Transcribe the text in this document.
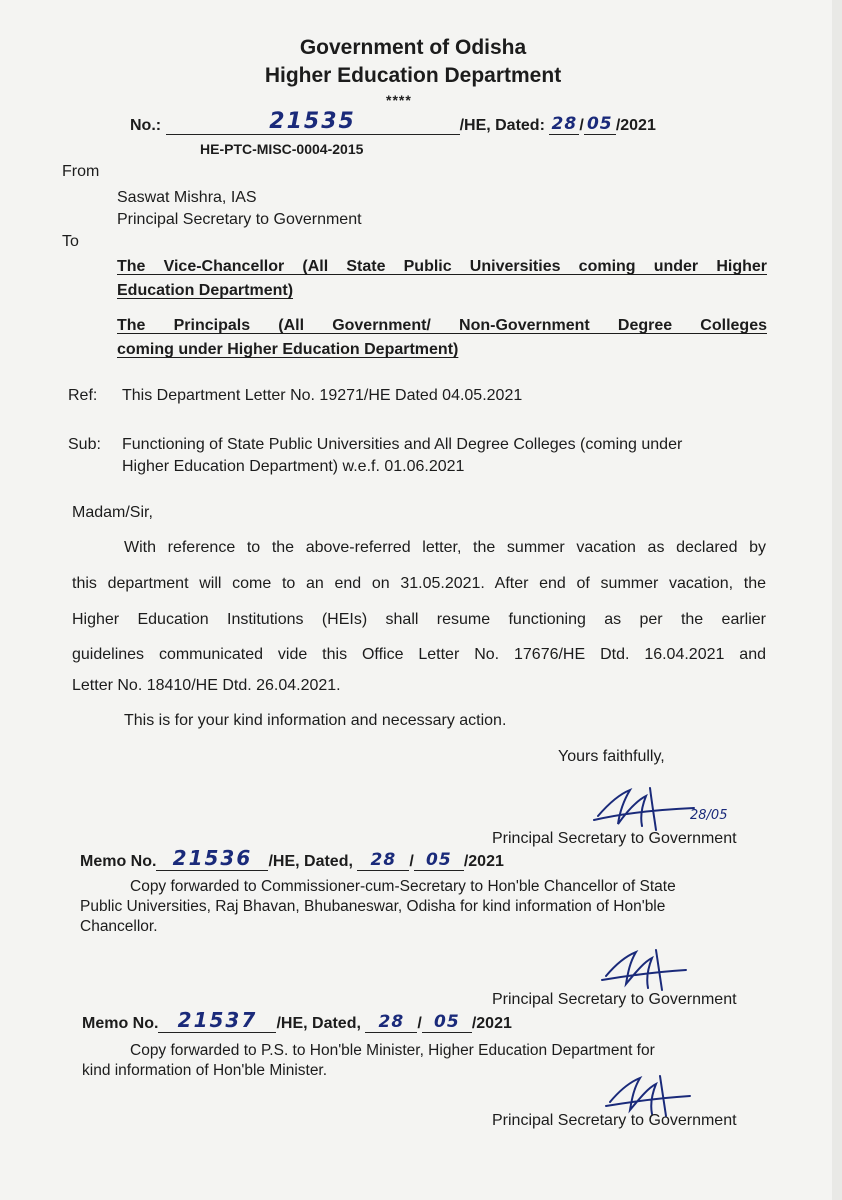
Government of Odisha
Higher Education Department
****
No.:	21535	/HE, Dated: 28 / 05 /2021
HE-PTC-MISC-0004-2015
From
Saswat Mishra, IAS
Principal Secretary to Government
To
The Vice-Chancellor (All State Public Universities coming under Higher
Education Department)
The Principals (All Government/ Non-Government Degree Colleges
coming under Higher Education Department)
Ref: This Department Letter No. 19271/HE Dated 04.05.2021
Sub: Functioning of State Public Universities and All Degree Colleges (coming under
Higher Education Department) w.e.f. 01.06.2021
Madam/Sir,
With reference to the above-referred letter, the summer vacation as declared by
this department will come to an end on 31.05.2021. After end of summer vacation, the
Higher Education Institutions (HEIs) shall resume functioning as per the earlier
guidelines communicated vide this Office Letter No. 17676/HE Dtd. 16.04.2021 and
Letter No. 18410/HE Dtd. 26.04.2021.
This is for your kind information and necessary action.
Yours faithfully,
28/05
Principal Secretary to Government
Memo No. 21536	/HE, Dated,	28 / 05 /2021
Copy forwarded to Commissioner-cum-Secretary to Hon'ble Chancellor of State
Public Universities, Raj Bhavan, Bhubaneswar, Odisha for kind information of Hon'ble
Chancellor.
Principal Secretary to Government
Memo No. 21537	/HE, Dated,	28 / 05 /2021
Copy forwarded to P.S. to Hon'ble Minister, Higher Education Department for
kind information of Hon'ble Minister.
Principal Secretary to Government
